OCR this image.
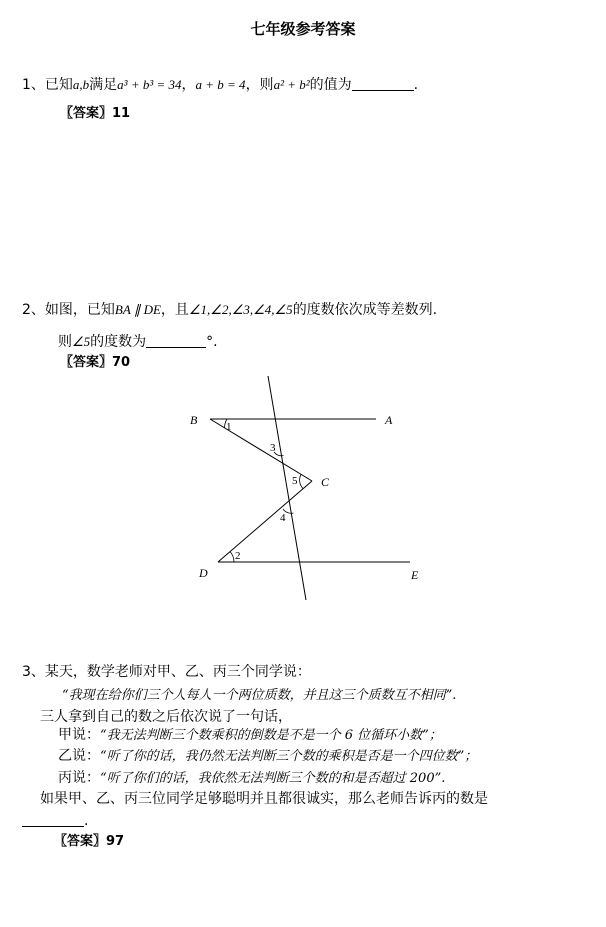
七年级参考答案
1、已知a,b满足a³ + b³ = 34，a + b = 4，则a² + b²的值为	.
〖答案〗11
2、如图，已知BA ∥ DE，且∠1,∠2,∠3,∠4,∠5的度数依次成等差数列.
则∠5的度数为	°.
〖答案〗70
B	A
C
D	E
1
2
3
4
5
3、某天，数学老师对甲、乙、丙三个同学说：
“我现在给你们三个人每人一个两位质数，并且这三个质数互不相同”.
三人拿到自己的数之后依次说了一句话，
甲说：“我无法判断三个数乘积的倒数是不是一个 6 位循环小数”；
乙说：“听了你的话，我仍然无法判断三个数的乘积是否是一个四位数”；
丙说：“听了你们的话，我依然无法判断三个数的和是否超过 200”.
如果甲、乙、丙三位同学足够聪明并且都很诚实，那么老师告诉丙的数是
.
〖答案〗97
